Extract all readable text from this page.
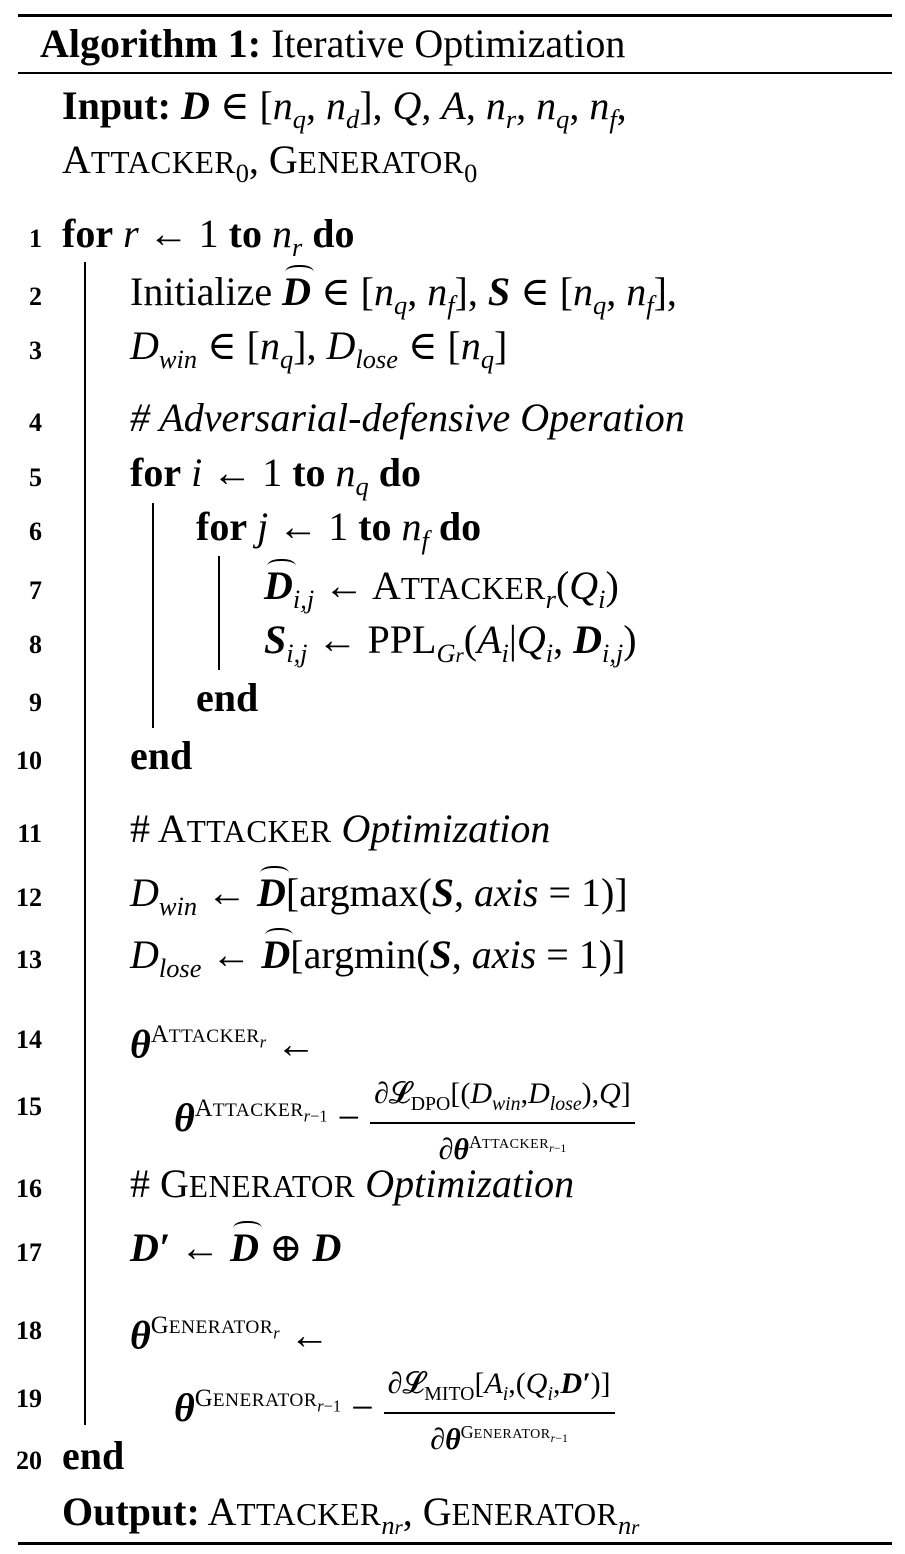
Algorithm 1: Iterative Optimization
Input: D ∈ [$n_q$, $n_d$], Q, A, $n_r$, $n_q$, $n_f$,
$ATTACKER_0$, $GENERATOR_0$
1
2
3
4
5
6
7
8
9
10
11
12
13
14
15
16
17
18
19
20
for r ← 1 to $n_r$ do
Initialize D ∈ [$n_q$, $n_f$], S ∈ [$n_q$, $n_f$],
$D_{win}$ ∈ $[n_q]$, $D_{lose}$ ∈ $[n_q]$
# Adversarial-defensive Operation
for i ← 1 to $n_q$ do
for j ← 1 to $n_f$ do
$D_{i,j}$ ← $ATTACKER_r(Q_i)$
$S_{i,j}$ ← $PPL_{Gr}(A_i|Q_i$, $D_{i,j}$)
end
end
# ATTACKER Optimization
$D_{win}$ ← D[argmax(S, axis = 1)]
$D_{lose}$ ← D[argmin(S, axis = 1)]
$\theta^{ATTACKER_r}$ ←
$\theta^{ATTACKER_{r-1}} - \frac{\partial 𝓛_{DPO}[(D_{win},D_{lose}),Q]}{\partial\theta^{ATTACKER_{r-1}}}$
# GENERATOR Optimization
D′ ← D ⊕ D
$\theta^{GENERATOR_r}$ ←
$\theta^{GENERATOR_{r-1}} - \frac{\partial 𝓛_{MITO}[A_i,(Q_i,D')]}{\partial\theta^{GENERATOR_{r-1}}}$
end
Output: $ATTACKER_{nr}$, $GENERATOR_{nr}$
